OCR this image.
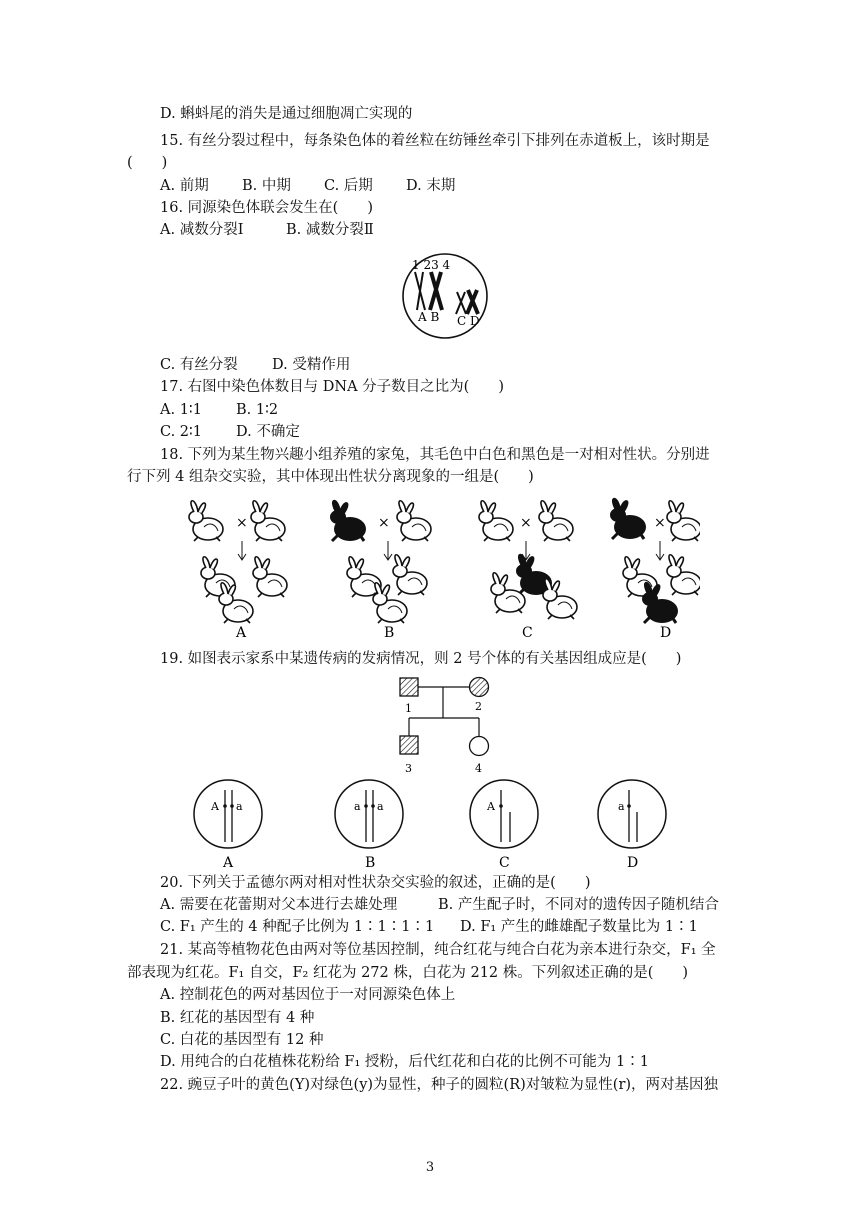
D. 蝌蚪尾的消失是通过细胞凋亡实现的
15. 有丝分裂过程中，每条染色体的着丝粒在纺锤丝牵引下排列在赤道板上，该时期是
(　　)
A. 前期 B. 中期 C. 后期 D. 末期
16. 同源染色体联会发生在(　　)
A. 减数分裂Ⅰ	B. 减数分裂Ⅱ
1 23 4
A B C D
C. 有丝分裂 D. 受精作用
17. 右图中染色体数目与 DNA 分子数目之比为(　　)
A. 1∶1 B. 1∶2
C. 2∶1 D. 不确定
18. 下列为某生物兴趣小组养殖的家兔，其毛色中白色和黑色是一对相对性状。分别进
行下列 4 组杂交实验，其中体现出性状分离现象的一组是(　　)
×
A
×
B
×
C
×
D
19. 如图表示家系中某遗传病的发病情况，则 2 号个体的有关基因组成应是(　　)
1	2
3	4
A a
A
a a
B
A
C
a
D
20. 下列关于孟德尔两对相对性状杂交实验的叙述，正确的是(　　)
A. 需要在花蕾期对父本进行去雄处理	B. 产生配子时，不同对的遗传因子随机结合
C. F₁ 产生的 4 种配子比例为 1∶1∶1∶1 D. F₁ 产生的雌雄配子数量比为 1∶1
21. 某高等植物花色由两对等位基因控制，纯合红花与纯合白花为亲本进行杂交，F₁ 全
部表现为红花。F₁ 自交，F₂ 红花为 272 株，白花为 212 株。下列叙述正确的是(　　)
A. 控制花色的两对基因位于一对同源染色体上
B. 红花的基因型有 4 种
C. 白花的基因型有 12 种
D. 用纯合的白花植株花粉给 F₁ 授粉，后代红花和白花的比例不可能为 1∶1
22. 豌豆子叶的黄色(Y)对绿色(y)为显性，种子的圆粒(R)对皱粒为显性(r)，两对基因独
3
